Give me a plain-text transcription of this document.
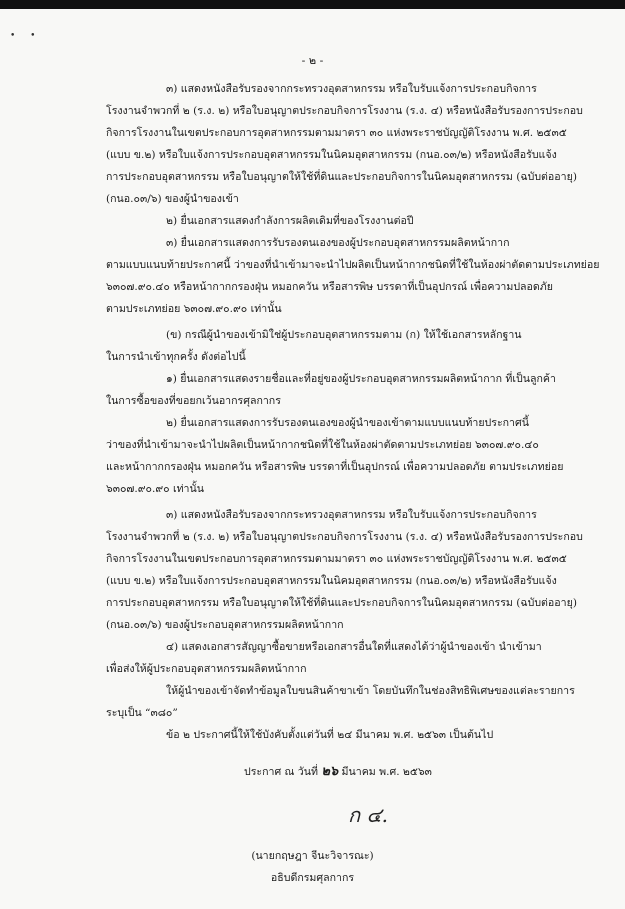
• •
- ๒ -

๓) แสดงหนังสือรับรองจากกระทรวงอุตสาหกรรม หรือใบรับแจ้งการประกอบกิจการ

โรงงานจำพวกที่ ๒ (ร.ง. ๒) หรือใบอนุญาตประกอบกิจการโรงงาน (ร.ง. ๔) หรือหนังสือรับรองการประกอบ

กิจการโรงงานในเขตประกอบการอุตสาหกรรมตามมาตรา ๓๐ แห่งพระราชบัญญัติโรงงาน พ.ศ. ๒๕๓๕

(แบบ ข.๒) หรือใบแจ้งการประกอบอุตสาหกรรมในนิคมอุตสาหกรรม (กนอ.๐๓/๒) หรือหนังสือรับแจ้ง

การประกอบอุตสาหกรรม หรือใบอนุญาตให้ใช้ที่ดินและประกอบกิจการในนิคมอุตสาหกรรม (ฉบับต่ออายุ)

(กนอ.๐๓/๖) ของผู้นำของเข้า

๒) ยื่นเอกสารแสดงกำลังการผลิตเดิมที่ของโรงงานต่อปี

๓) ยื่นเอกสารแสดงการรับรองตนเองของผู้ประกอบอุตสาหกรรมผลิตหน้ากาก

ตามแบบแนบท้ายประกาศนี้ ว่าของที่นำเข้ามาจะนำไปผลิตเป็นหน้ากากชนิดที่ใช้ในห้องผ่าตัดตามประเภทย่อย

๖๓๐๗.๙๐.๔๐ หรือหน้ากากกรองฝุ่น หมอกควัน หรือสารพิษ บรรดาที่เป็นอุปกรณ์ เพื่อความปลอดภัย

ตามประเภทย่อย ๖๓๐๗.๙๐.๙๐ เท่านั้น

(ข) กรณีผู้นำของเข้ามิใช่ผู้ประกอบอุตสาหกรรมตาม (ก) ให้ใช้เอกสารหลักฐาน

ในการนำเข้าทุกครั้ง ดังต่อไปนี้

๑) ยื่นเอกสารแสดงรายชื่อและที่อยู่ของผู้ประกอบอุตสาหกรรมผลิตหน้ากาก ที่เป็นลูกค้า

ในการซื้อของที่ขอยกเว้นอากรศุลกากร

๒) ยื่นเอกสารแสดงการรับรองตนเองของผู้นำของเข้าตามแบบแนบท้ายประกาศนี้

ว่าของที่นำเข้ามาจะนำไปผลิตเป็นหน้ากากชนิดที่ใช้ในห้องผ่าตัดตามประเภทย่อย ๖๓๐๗.๙๐.๔๐

และหน้ากากกรองฝุ่น หมอกควัน หรือสารพิษ บรรดาที่เป็นอุปกรณ์ เพื่อความปลอดภัย ตามประเภทย่อย

๖๓๐๗.๙๐.๙๐ เท่านั้น

๓) แสดงหนังสือรับรองจากกระทรวงอุตสาหกรรม หรือใบรับแจ้งการประกอบกิจการ

โรงงานจำพวกที่ ๒ (ร.ง. ๒) หรือใบอนุญาตประกอบกิจการโรงงาน (ร.ง. ๔) หรือหนังสือรับรองการประกอบ

กิจการโรงงานในเขตประกอบการอุตสาหกรรมตามมาตรา ๓๐ แห่งพระราชบัญญัติโรงงาน พ.ศ. ๒๕๓๕

(แบบ ข.๒) หรือใบแจ้งการประกอบอุตสาหกรรมในนิคมอุตสาหกรรม (กนอ.๐๓/๒) หรือหนังสือรับแจ้ง

การประกอบอุตสาหกรรม หรือใบอนุญาตให้ใช้ที่ดินและประกอบกิจการในนิคมอุตสาหกรรม (ฉบับต่ออายุ)

(กนอ.๐๓/๖) ของผู้ประกอบอุตสาหกรรมผลิตหน้ากาก

๔) แสดงเอกสารสัญญาซื้อขายหรือเอกสารอื่นใดที่แสดงได้ว่าผู้นำของเข้า นำเข้ามา

เพื่อส่งให้ผู้ประกอบอุตสาหกรรมผลิตหน้ากาก

ให้ผู้นำของเข้าจัดทำข้อมูลใบขนสินค้าขาเข้า โดยบันทึกในช่องสิทธิพิเศษของแต่ละรายการ

ระบุเป็น “๓๘๐”

ข้อ ๒ ประกาศนี้ให้ใช้บังคับตั้งแต่วันที่ ๒๔ มีนาคม พ.ศ. ๒๕๖๓ เป็นต้นไป

ประกาศ ณ วันที่ ๒๖ มีนาคม พ.ศ. ๒๕๖๓

ก ๔.
(นายกฤษฎา จีนะวิจารณะ)
อธิบดีกรมศุลกากร
